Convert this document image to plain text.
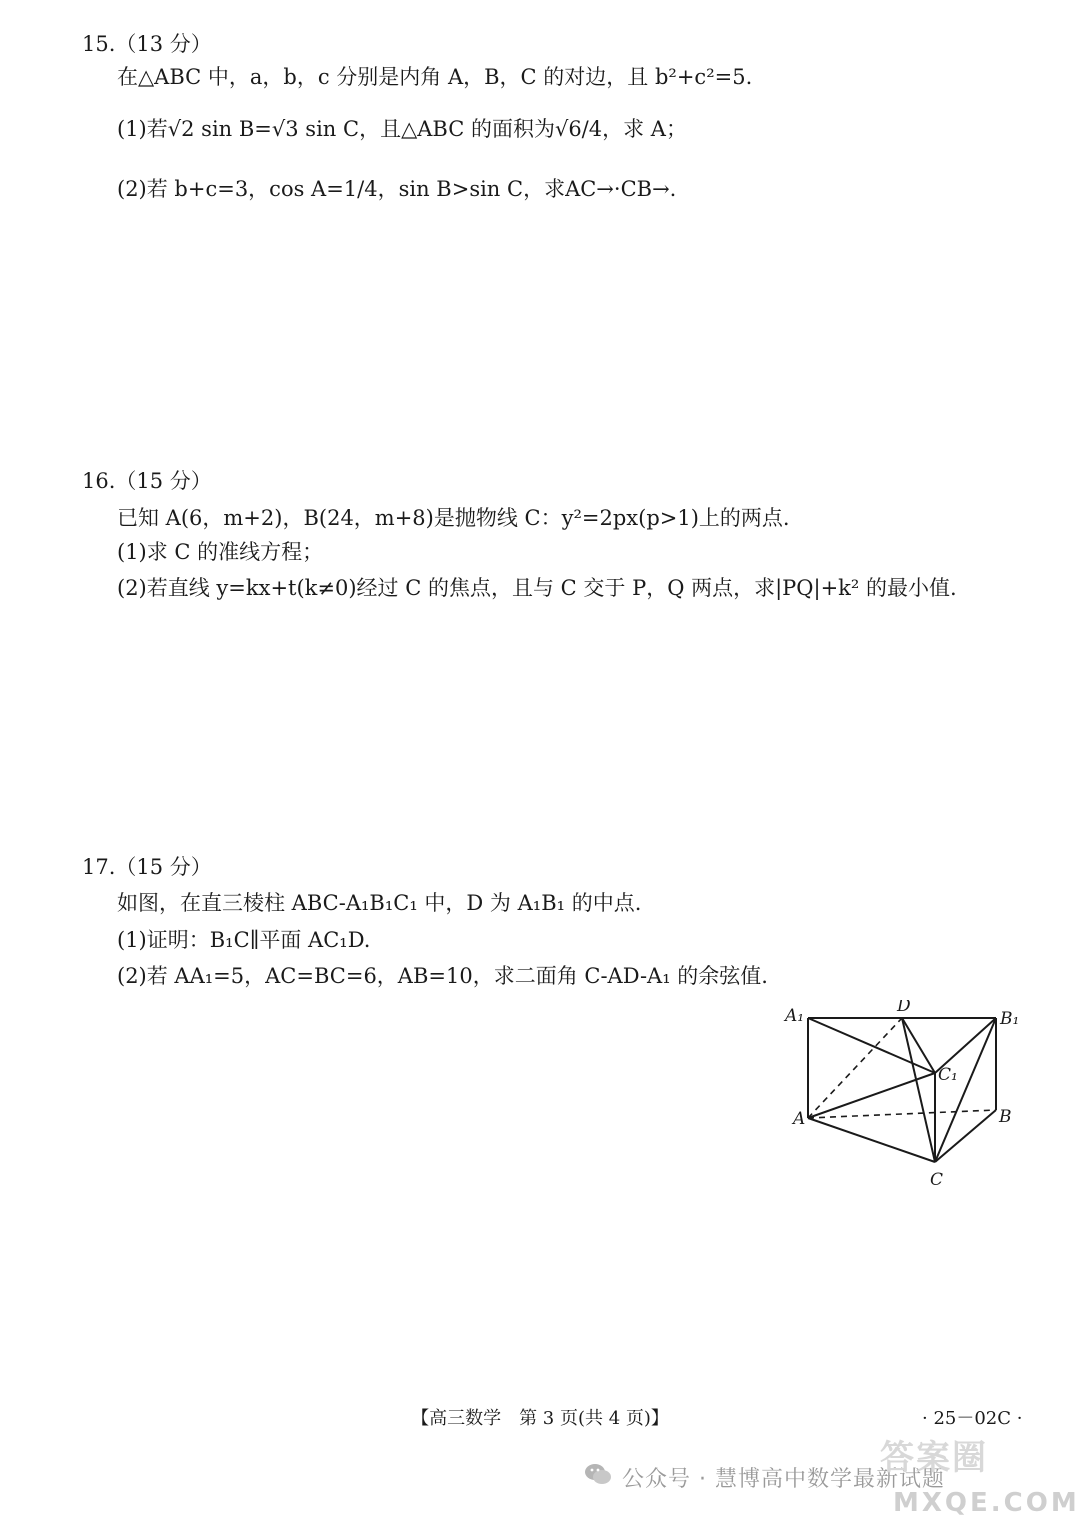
15.（13 分）
在△ABC 中，a，b，c 分别是内角 A，B，C 的对边，且 b²+c²=5.
(1)若√2 sin B=√3 sin C，且△ABC 的面积为√6/4，求 A；
(2)若 b+c=3，cos A=1/4，sin B>sin C，求AC→·CB→.
16.（15 分）
已知 A(6，m+2)，B(24，m+8)是抛物线 C：y²=2px(p>1)上的两点.
(1)求 C 的准线方程；
(2)若直线 y=kx+t(k≠0)经过 C 的焦点，且与 C 交于 P，Q 两点，求|PQ|+k² 的最小值.
17.（15 分）
如图，在直三棱柱 ABC-A₁B₁C₁ 中，D 为 A₁B₁ 的中点.
(1)证明：B₁C∥平面 AC₁D.
(2)若 AA₁=5，AC=BC=6，AB=10，求二面角 C-AD-A₁ 的余弦值.
A₁	D
B₁
C₁
A	B
C
【高三数学　第 3 页(共 4 页)】	· 25－02C ·
公众号 · 慧博高中数学最新试题
答案圈
MXQE.COM
